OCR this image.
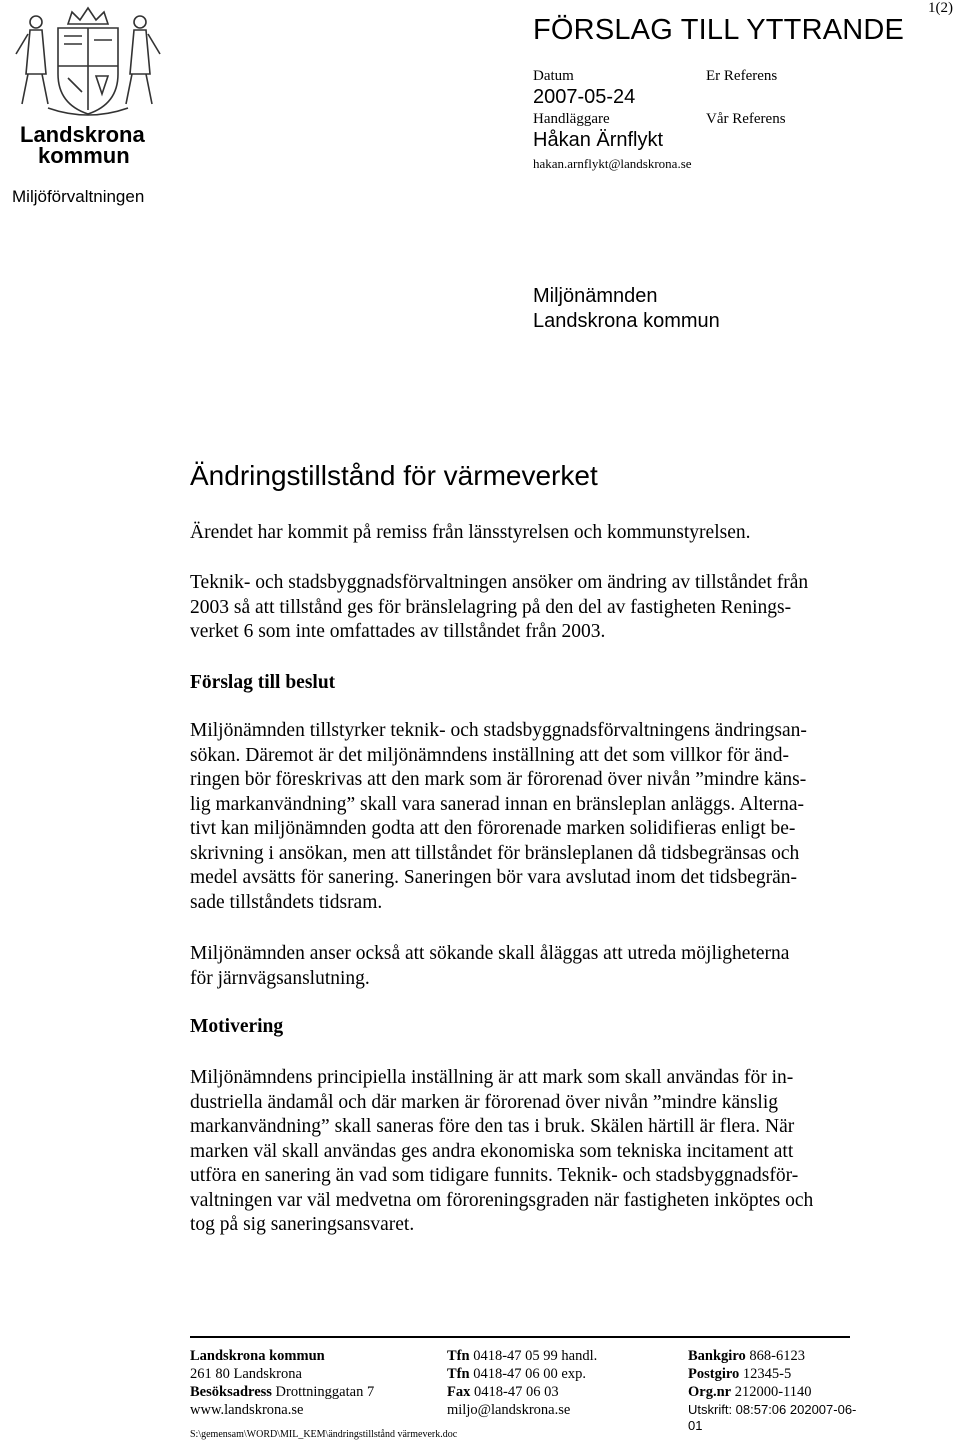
Landskrona
kommun
1(2)
FÖRSLAG TILL YTTRANDE
Miljöförvaltningen
Datum
2007-05-24
Handläggare
Håkan Ärnflykt
hakan.arnflykt@landskrona.se
Er Referens
Vår Referens
Miljönämnden
Landskrona kommun
Ändringstillstånd för värmeverket
Ärendet har kommit på remiss från länsstyrelsen och kommunstyrelsen.
Teknik- och stadsbyggnadsförvaltningen ansöker om ändring av tillståndet från
2003 så att tillstånd ges för bränslelagring på den del av fastigheten Renings-
verket 6 som inte omfattades av tillståndet från 2003.
Förslag till beslut
Miljönämnden tillstyrker teknik- och stadsbyggnadsförvaltningens ändringsan-
sökan. Däremot är det miljönämndens inställning att det som villkor för änd-
ringen bör föreskrivas att den mark som är förorenad över nivån ”mindre käns-
lig markanvändning” skall vara sanerad innan en bränsleplan anläggs. Alterna-
tivt kan miljönämnden godta att den förorenade marken solidifieras enligt be-
skrivning i ansökan, men att tillståndet för bränsleplanen då tidsbegränsas och
medel avsätts för sanering. Saneringen bör vara avslutad inom det tidsbegrän-
sade tillståndets tidsram.
Miljönämnden anser också att sökande skall åläggas att utreda möjligheterna
för järnvägsanslutning.
Motivering
Miljönämndens principiella inställning är att mark som skall användas för in-
dustriella ändamål och där marken är förorenad över nivån ”mindre känslig
markanvändning” skall saneras före den tas i bruk. Skälen härtill är flera. När
marken väl skall användas ges andra ekonomiska som tekniska incitament att
utföra en sanering än vad som tidigare funnits. Teknik- och stadsbyggnadsför-
valtningen var väl medvetna om föroreningsgraden när fastigheten inköptes och
tog på sig saneringsansvaret.
Landskrona kommun
261 80 Landskrona
Besöksadress Drottninggatan 7
www.landskrona.se
Tfn 0418-47 05 99 handl.
Tfn 0418-47 06 00 exp.
Fax 0418-47 06 03
miljo@landskrona.se
Bankgiro 868-6123
Postgiro 12345-5
Org.nr 212000-1140
Utskrift: 08:57:06 202007-06-01
S:\gemensam\WORD\MIL_KEM\ändringstillstånd värmeverk.doc
